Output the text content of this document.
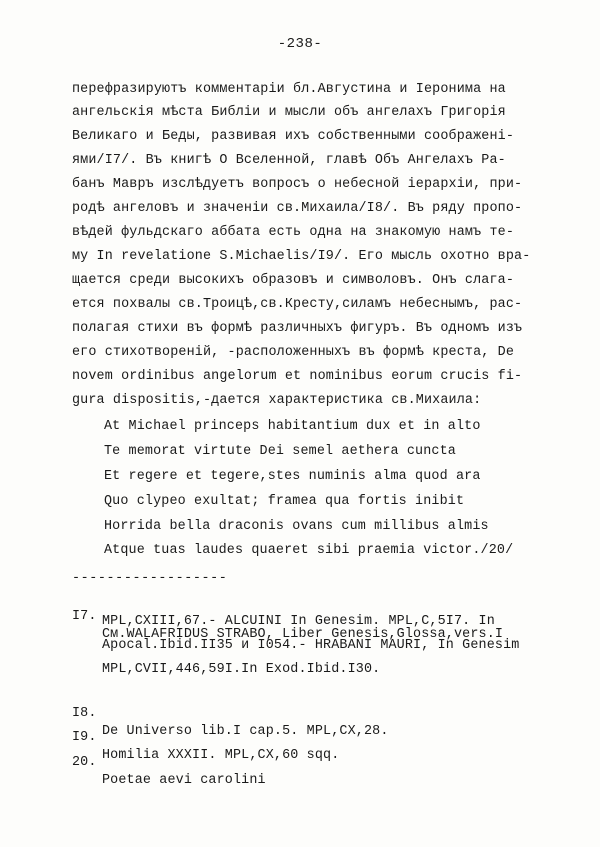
-238-
перефразируютъ комментарiи бл.Августина и Iеронима на
ангельскiя мѣста Библiи и мысли объ ангелахъ Григорiя
Великаго и Беды, развивая ихъ собственными соображенi-
ями/I7/. Въ книгѣ О Вселенной, главѣ Объ Ангелахъ Ра-
банъ Мавръ изслѣдуетъ вопросъ о небесной iерархiи, при-
родѣ ангеловъ и значенiи св.Михаила/I8/. Въ ряду пропо-
вѣдей фульдскаго аббата есть одна на знакомую намъ те-
му In revelatione S.Michaelis/I9/. Его мысль охотно вра-
щается среди высокихъ образовъ и символовъ. Онъ слага-
ется похвалы св.Троицѣ,св.Кресту,силамъ небеснымъ, рас-
полагая стихи въ формѣ различныхъ фигуръ. Въ одномъ изъ
его стихотворенiй, -расположенныхъ въ формѣ креста, De
novem ordinibus angelorum et nominibus eorum crucis fi-
gura dispositis,-дается характеристика св.Михаила:
At Michael princeps habitantium dux et in alto
Te memorat virtute Dei semel aethera cuncta
Et regere et tegere,stes numinis alma quod ara
Quo clypeo exultat; framea qua fortis inibit
Horrida bella draconis ovans cum millibus almis
Atque tuas laudes quaeret sibi praemia victor./20/
------------------

I7.

См.WALAFRIDUS STRABO, Liber Genesis,Glossa,vers.I

MPL,CXIII,67.- ALCUINI In Genesim. MPL,C,5I7. In
Apocal.Ibid.II35 и I054.- HRABANI MAURI, In Genesim
MPL,CVII,446,59I.In Exod.Ibid.I30.

I8.

De Universo lib.I cap.5. MPL,CX,28.

I9.

Homilia XXXII. MPL,CX,60 sqq.

20.

Poetae aevi carolini
